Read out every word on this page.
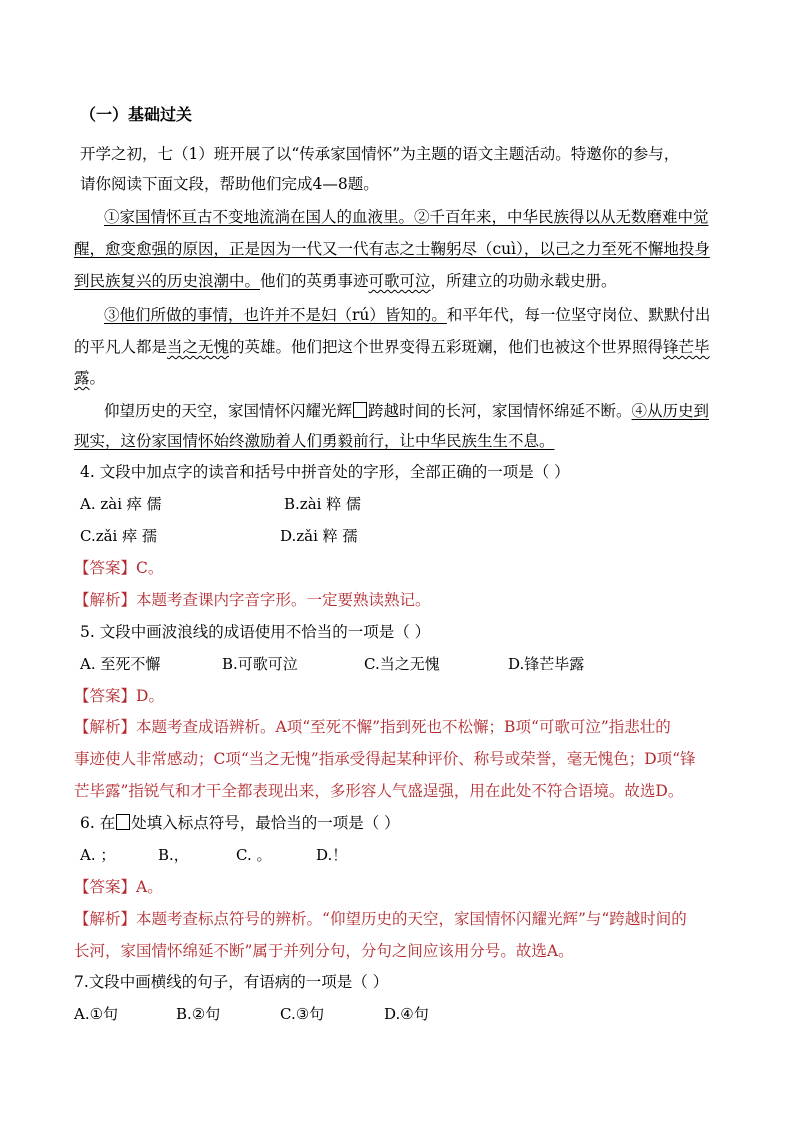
（一）基础过关
开学之初，七（1）班开展了以“传承家国情怀”为主题的语文主题活动。特邀你的参与，
请你阅读下面文段，帮助他们完成4—8题。
①家国情怀亘古不变地流淌在国人的血液里。②千百年来，中华民族得以从无数磨难中觉
醒，愈变愈强的原因，正是因为一代又一代有志之士鞠躬尽（cuì），以己之力至死不懈地投身
到民族复兴的历史浪潮中。他们的英勇事迹可歌可泣，所建立的功勋永载史册。
③他们所做的事情，也许并不是妇（rú）皆知的。和平年代，每一位坚守岗位、默默付出
的平凡人都是当之无愧的英雄。他们把这个世界变得五彩斑斓，他们也被这个世界照得锋芒毕
露。
仰望历史的天空，家国情怀闪耀光辉 跨越时间的长河，家国情怀绵延不断。④从历史到
现实，这份家国情怀始终激励着人们勇毅前行，让中华民族生生不息。
4. 文段中加点字的读音和括号中拼音处的字形，全部正确的一项是（ ）
A. zài 瘁 儒	B.zài 粹 儒
C.zǎi 瘁 孺	D.zǎi 粹 孺
【答案】C。
【解析】本题考查课内字音字形。一定要熟读熟记。
5. 文段中画波浪线的成语使用不恰当的一项是（ ）
A. 至死不懈	B.可歌可泣	C.当之无愧	D.锋芒毕露
【答案】D。
【解析】本题考查成语辨析。A项“至死不懈”指到死也不松懈；B项“可歌可泣”指悲壮的
事迹使人非常感动；C项“当之无愧”指承受得起某种评价、称号或荣誉，毫无愧色；D项“锋
芒毕露”指锐气和才干全都表现出来，多形容人气盛逞强，用在此处不符合语境。故选D。
6. 在 处填入标点符号，最恰当的一项是（ ）
A. ；	B.，	C. 。	D.！
【答案】A。
【解析】本题考查标点符号的辨析。“仰望历史的天空，家国情怀闪耀光辉”与“跨越时间的
长河，家国情怀绵延不断”属于并列分句，分句之间应该用分号。故选A。
7.文段中画横线的句子，有语病的一项是（ ）
A.①句	B.②句	C.③句	D.④句
